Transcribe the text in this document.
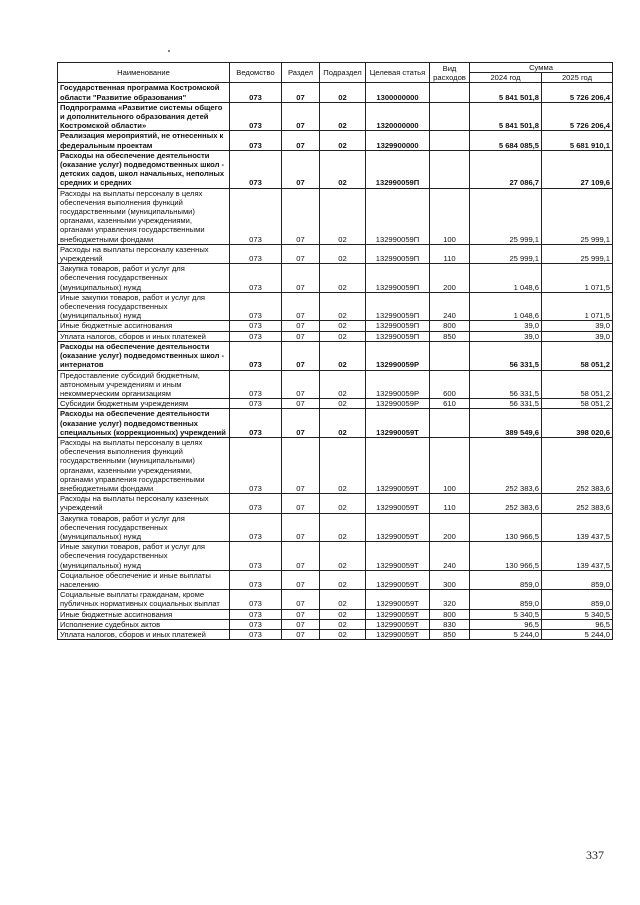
Наименование	Ведомство	Раздел	Подраздел	Целевая статья	Вид расходов	Сумма	
						2024 год	2025 год
Государственная программа Костромской области "Развитие образования"	073	07	02	1300000000		5 841 501,8	5 726 206,4
Подпрограмма «Развитие системы общего и дополнительного образования детей Костромской области»	073	07	02	1320000000		5 841 501,8	5 726 206,4
Реализация мероприятий, не отнесенных к федеральным проектам	073	07	02	1329900000		5 684 085,5	5 681 910,1
Расходы на обеспечение деятельности (оказание услуг) подведомственных школ - детских садов, школ начальных, неполных средних и средних	073	07	02	132990059П		27 086,7	27 109,6
Расходы на выплаты персоналу в целях обеспечения выполнения функций государственными (муниципальными) органами, казенными учреждениями, органами управления государственными внебюджетными фондами	073	07	02	132990059П	100	25 999,1	25 999,1
Расходы на выплаты персоналу казенных учреждений	073	07	02	132990059П	110	25 999,1	25 999,1
Закупка товаров, работ и услуг для обеспечения государственных (муниципальных) нужд	073	07	02	132990059П	200	1 048,6	1 071,5
Иные закупки товаров, работ и услуг для обеспечения государственных (муниципальных) нужд	073	07	02	132990059П	240	1 048,6	1 071,5
Иные бюджетные ассигнования	073	07	02	132990059П	800	39,0	39,0
Уплата налогов, сборов и иных платежей	073	07	02	132990059П	850	39,0	39,0
Расходы на обеспечение деятельности (оказание услуг) подведомственных школ - интернатов	073	07	02	132990059Р		56 331,5	58 051,2
Предоставление субсидий бюджетным, автономным учреждениям и иным некоммерческим организациям	073	07	02	132990059Р	600	56 331,5	58 051,2
Субсидии бюджетным учреждениям	073	07	02	132990059Р	610	56 331,5	58 051,2
Расходы на обеспечение деятельности (оказание услуг) подведомственных специальных (коррекционных) учреждений	073	07	02	132990059Т		389 549,6	398 020,6
Расходы на выплаты персоналу в целях обеспечения выполнения функций государственными (муниципальными) органами, казенными учреждениями, органами управления государственными внебюджетными фондами	073	07	02	132990059Т	100	252 383,6	252 383,6
Расходы на выплаты персоналу казенных учреждений	073	07	02	132990059Т	110	252 383,6	252 383,6
Закупка товаров, работ и услуг для обеспечения государственных (муниципальных) нужд	073	07	02	132990059Т	200	130 966,5	139 437,5
Иные закупки товаров, работ и услуг для обеспечения государственных (муниципальных) нужд	073	07	02	132990059Т	240	130 966,5	139 437,5
Социальное обеспечение и иные выплаты населению	073	07	02	132990059Т	300	859,0	859,0
Социальные выплаты гражданам, кроме публичных нормативных социальных выплат	073	07	02	132990059Т	320	859,0	859,0
Иные бюджетные ассигнования	073	07	02	132990059Т	800	5 340,5	5 340,5
Исполнение судебных актов	073	07	02	132990059Т	830	96,5	96,5
Уплата налогов, сборов и иных платежей	073	07	02	132990059Т	850	5 244,0	5 244,0
337
